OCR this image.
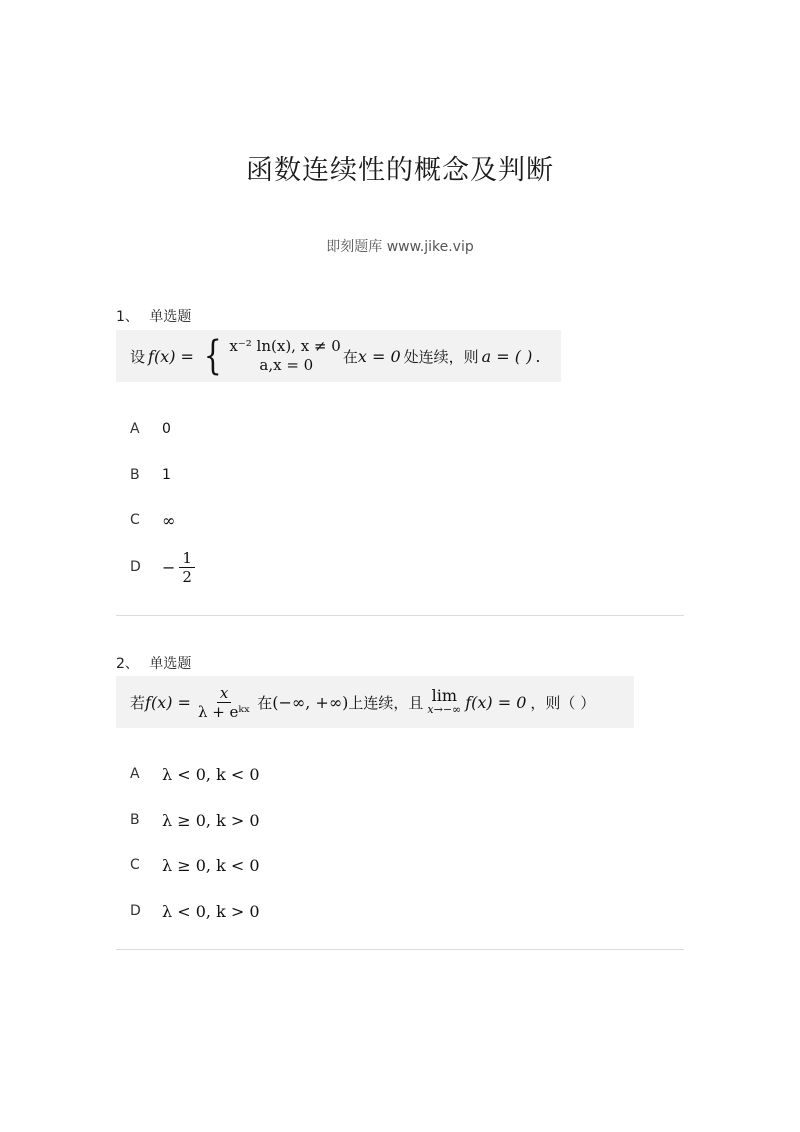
函数连续性的概念及判断
即刻题库 www.jike.vip
1、 单选题
设 f(x) = { x⁻² ln(x), x ≠ 0
a,x = 0	在 x = 0 处连续，则 a = ( ) .
A	0
B	1
C	∞
D	− $\frac{1}{2}$
2、 单选题
若 $f(x) = \frac{x}{\text{λ + eᵏˣ}}$ 在 (−∞, +∞) 上连续，且 lim
x→−∞ f(x) = 0 ，则（ ）
A	λ < 0, k < 0
B	λ ≥ 0, k > 0
C	λ ≥ 0, k < 0
D	λ < 0, k > 0
